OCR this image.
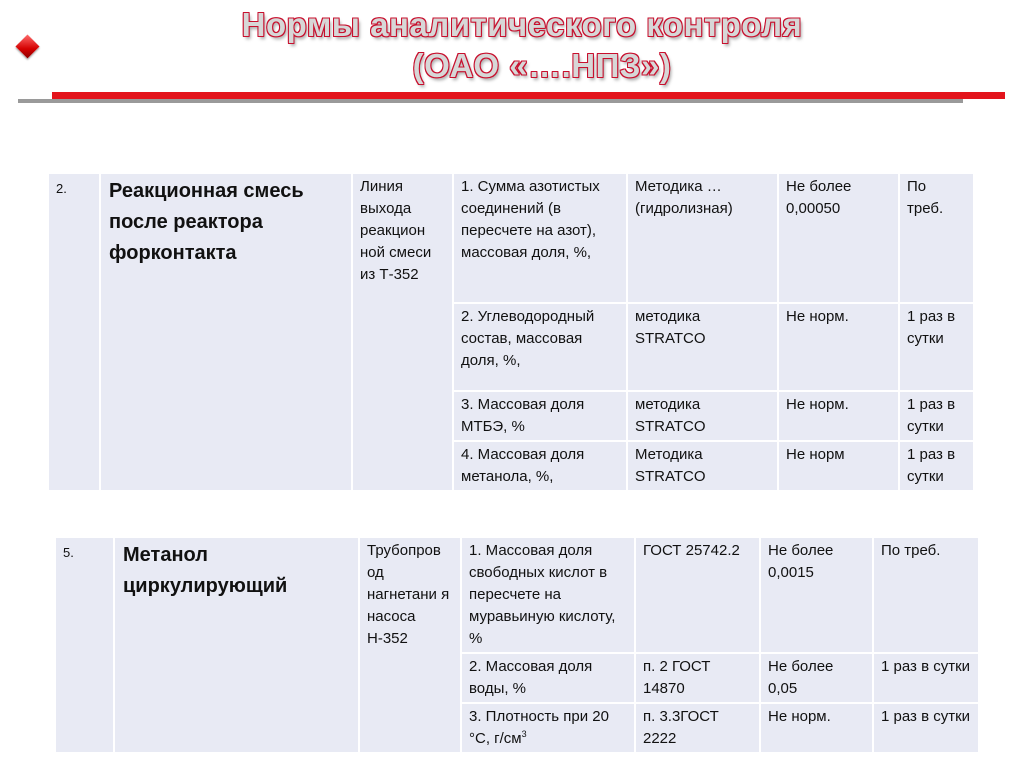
Нормы аналитического контроля
(ОАО «….НПЗ»)
2.	Реакционная смесь после реактора форконтакта	Линия выхода реакцион ной смеси из Т-352	1. Сумма азотистых соединений (в пересчете на азот), массовая доля, %,	Методика … (гидролизная)	Не более 0,00050	По треб.
			2. Углеводородный состав, массовая доля, %,	методика STRATCO	Не норм.	1 раз в сутки
			3. Массовая доля МТБЭ, %	методика STRATCO	Не норм.	1 раз в сутки
			4. Массовая доля метанола, %,	Методика STRATCO	Не норм	1 раз в сутки
5.	Метанол циркулирующий	Трубопров од нагнетани я насоса Н-352	1. Массовая доля свободных кислот в пересчете на муравьиную кислоту, %	ГОСТ 25742.2	Не более 0,0015	По треб.
			2. Массовая доля воды, %	п. 2 ГОСТ 14870	Не более 0,05	1 раз в сутки
			3. Плотность при 20 °С, $г/см^3$	п. 3.3ГОСТ 2222	Не норм.	1 раз в сутки
